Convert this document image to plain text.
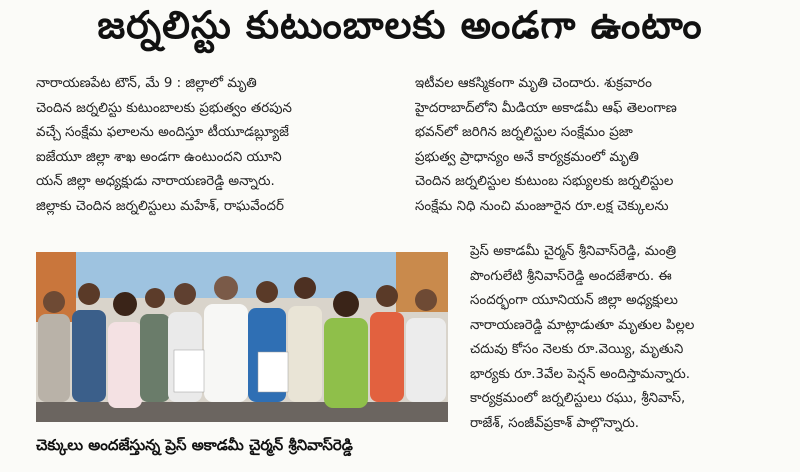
జర్నలిస్టు కుటుంబాలకు అండగా ఉంటాం
నారాయణపేట టౌన్, మే 9 : జిల్లాలో మృతి
చెందిన జర్నలిస్టు కుటుంబాలకు ప్రభుత్వం తరపున
వచ్చే సంక్షేమ ఫలాలను అందిస్తూ టీయూడబ్ల్యూజే
ఐజేయూ జిల్లా శాఖ అండగా ఉంటుందని యూని
యన్ జిల్లా అధ్యక్షుడు నారాయణరెడ్డి అన్నారు.
జిల్లాకు చెందిన జర్నలిస్టులు మహేశ్, రాఘవేందర్
ఇటీవల ఆకస్మికంగా మృతి చెందారు. శుక్రవారం
హైదరాబాద్‌లోని మీడియా అకాడమీ ఆఫ్ తెలంగాణ
భవన్‌లో జరిగిన జర్నలిస్టుల సంక్షేమం ప్రజా
ప్రభుత్వ ప్రాధాన్యం అనే కార్యక్రమంలో మృతి
చెందిన జర్నలిస్టుల కుటుంబ సభ్యులకు జర్నలిస్టుల
సంక్షేమ నిధి నుంచి మంజూరైన రూ.లక్ష చెక్కులను
ప్రెస్ అకాడమీ చైర్మన్ శ్రీనివాస్‌రెడ్డి, మంత్రి
పొంగులేటి శ్రీనివాస్‌రెడ్డి అందజేశారు. ఈ
సందర్భంగా యూనియన్ జిల్లా అధ్యక్షులు
నారాయణరెడ్డి మాట్లాడుతూ మృతుల పిల్లల
చదువు కోసం నెలకు రూ.వెయ్యి, మృతుని
భార్యకు రూ.3వేల పెన్షన్ అందిస్తామన్నారు.
కార్యక్రమంలో జర్నలిస్టులు రఘు, శ్రీనివాస్,
రాజేశ్, సంజీవ్‌ప్రకాశ్ పాల్గొన్నారు.
చెక్కులు అందజేస్తున్న ప్రెస్ అకాడమీ చైర్మన్ శ్రీనివాస్‌రెడ్డి
